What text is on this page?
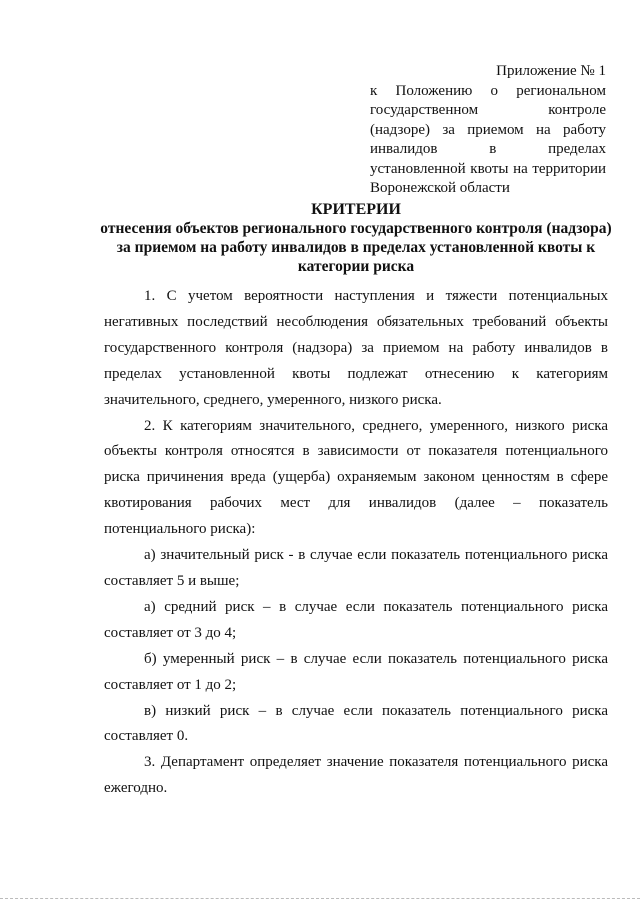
Приложение № 1
к Положению о региональном
государственном контроле
(надзоре) за приемом на работу
инвалидов в пределах
установленной квоты на территории
Воронежской области
КРИТЕРИИ
отнесения объектов регионального государственного контроля (надзора) за приемом на работу инвалидов в пределах установленной квоты к категории риска

1. С учетом вероятности наступления и тяжести потенциальных негативных последствий несоблюдения обязательных требований объекты государственного контроля (надзора) за приемом на работу инвалидов в пределах установленной квоты подлежат отнесению к категориям значительного, среднего, умеренного, низкого риска.

2. К категориям значительного, среднего, умеренного, низкого риска объекты контроля относятся в зависимости от показателя потенциального риска причинения вреда (ущерба) охраняемым законом ценностям в сфере квотирования рабочих мест для инвалидов (далее – показатель потенциального риска):

а) значительный риск - в случае если показатель потенциального риска составляет 5 и выше;

а) средний риск – в случае если показатель потенциального риска составляет от 3 до 4;

б) умеренный риск – в случае если показатель потенциального риска составляет от 1 до 2;

в) низкий риск – в случае если показатель потенциального риска составляет 0.

3. Департамент определяет значение показателя потенциального риска ежегодно.
